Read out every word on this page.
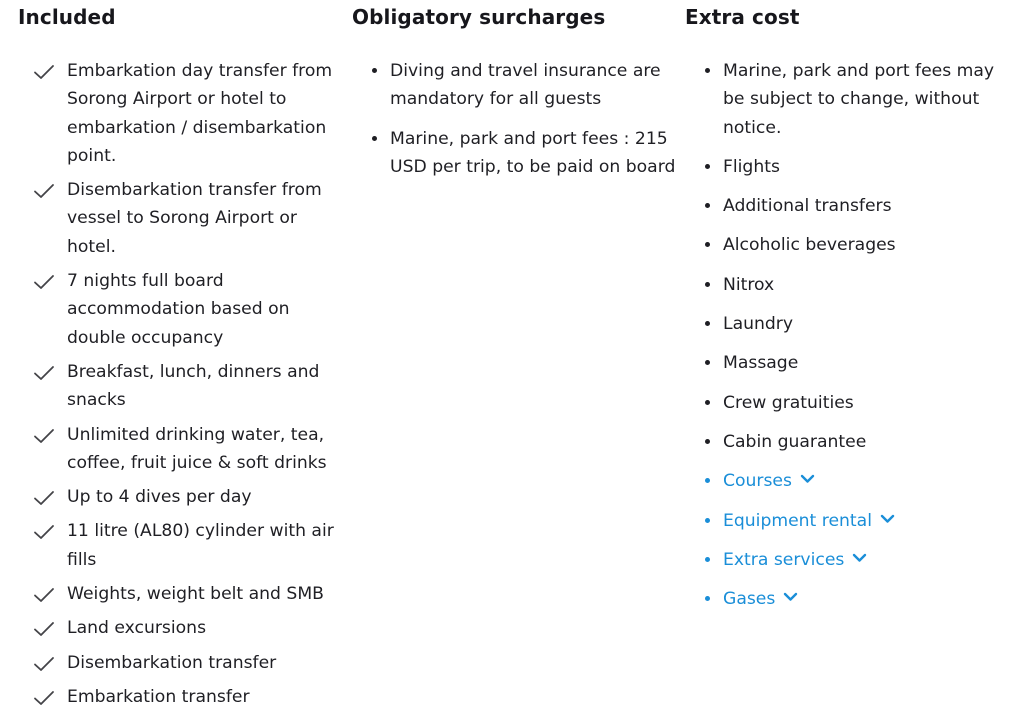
Included
Embarkation day transfer from Sorong Airport or hotel to embarkation / disembarkation point.
Disembarkation transfer from vessel to Sorong Airport or hotel.
7 nights full board accommodation based on double occupancy
Breakfast, lunch, dinners and snacks
Unlimited drinking water, tea, coffee, fruit juice & soft drinks
Up to 4 dives per day
11 litre (AL80) cylinder with air fills
Weights, weight belt and SMB
Land excursions
Disembarkation transfer
Embarkation transfer
Obligatory surcharges
Diving and travel insurance are mandatory for all guests
Marine, park and port fees : 215 USD per trip, to be paid on board
Extra cost
Marine, park and port fees may be subject to change, without notice.
Flights
Additional transfers
Alcoholic beverages
Nitrox
Laundry
Massage
Crew gratuities
Cabin guarantee
Courses
Equipment rental
Extra services
Gases
